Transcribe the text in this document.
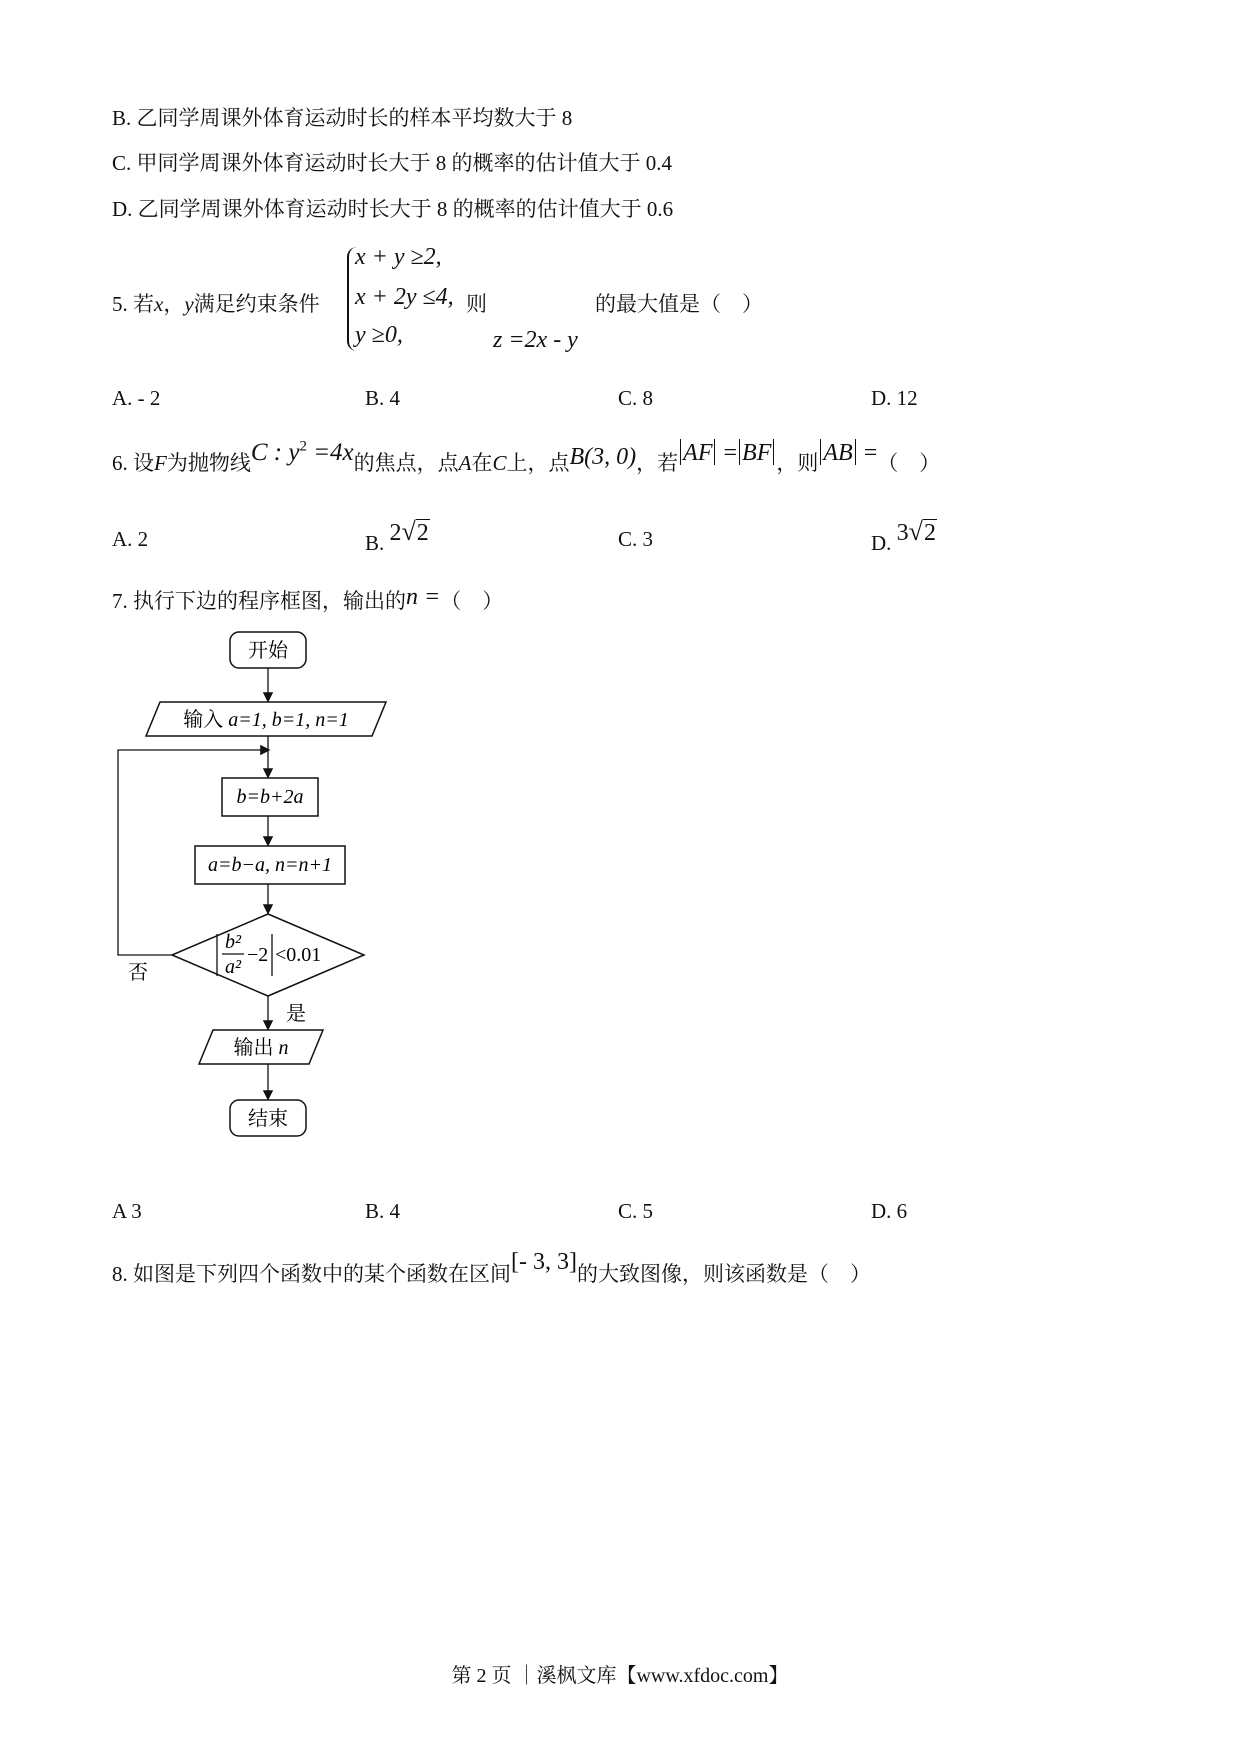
B. 乙同学周课外体育运动时长的样本平均数大于 8
C. 甲同学周课外体育运动时长大于 8 的概率的估计值大于 0.4
D. 乙同学周课外体育运动时长大于 8 的概率的估计值大于 0.6
5. 若x，y满足约束条件
x + y ≥2,
x + 2y ≤4,
y ≥0,
则
z =2x - y
的最大值是（　）
A. - 2	B. 4	C. 8	D. 12
6. 设F为抛物线C : $y^2 =4x$的焦点，点A在C上，点B(3, 0)，若 AF = BF ，则 AB =（　）
A. 2	B. 2√2	C. 3	D. 3√2
7. 执行下边的程序框图，输出的n =（　）
开始
输入 a=1, b=1, n=1
b=b+2a
a=b−a, n=n+1
b²
a²
−2 <0.01
否
是
输出 n
结束
A 3	B. 4	C. 5	D. 6
8. 如图是下列四个函数中的某个函数在区间[- 3, 3]的大致图像，则该函数是（　）
第 2 页 ｜溪枫文库【www.xfdoc.com】
